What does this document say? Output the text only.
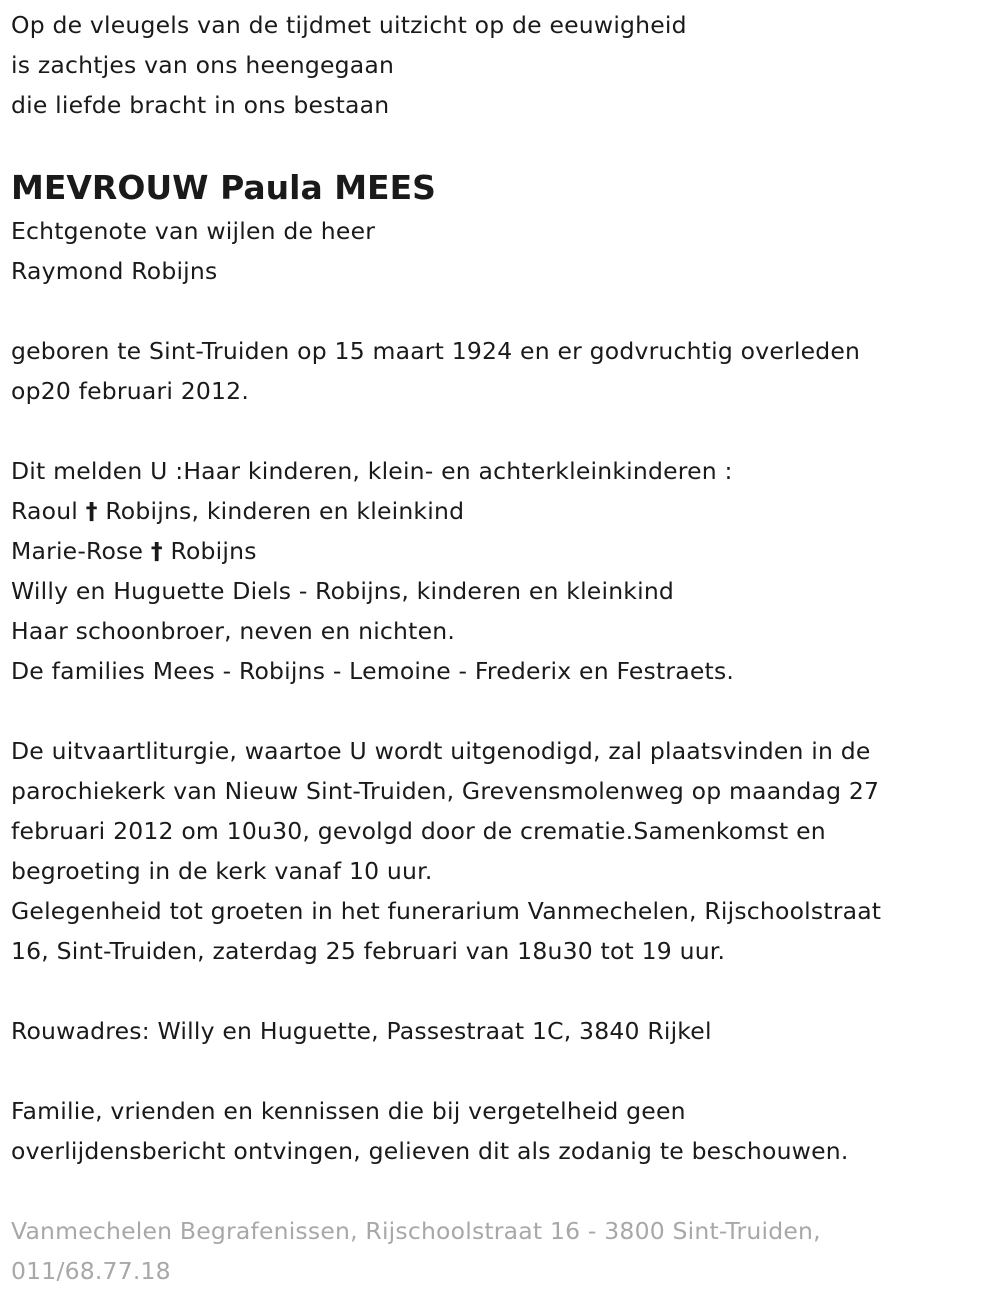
Op de vleugels van de tijdmet uitzicht op de eeuwigheid
is zachtjes van ons heengegaan
die liefde bracht in ons bestaan
MEVROUW Paula MEES
Echtgenote van wijlen de heer
Raymond Robijns
geboren te Sint-Truiden op 15 maart 1924 en er godvruchtig overleden
op20 februari 2012.
Dit melden U :Haar kinderen, klein- en achterkleinkinderen :
Raoul † Robijns, kinderen en kleinkind
Marie-Rose † Robijns
Willy en Huguette Diels - Robijns, kinderen en kleinkind
Haar schoonbroer, neven en nichten.
De families Mees - Robijns - Lemoine - Frederix en Festraets.
De uitvaartliturgie, waartoe U wordt uitgenodigd, zal plaatsvinden in de
parochiekerk van Nieuw Sint-Truiden, Grevensmolenweg op maandag 27
februari 2012 om 10u30, gevolgd door de crematie.Samenkomst en
begroeting in de kerk vanaf 10 uur.
Gelegenheid tot groeten in het funerarium Vanmechelen, Rijschoolstraat
16, Sint-Truiden, zaterdag 25 februari van 18u30 tot 19 uur.
Rouwadres: Willy en Huguette, Passestraat 1C, 3840 Rijkel
Familie, vrienden en kennissen die bij vergetelheid geen
overlijdensbericht ontvingen, gelieven dit als zodanig te beschouwen.
Vanmechelen Begrafenissen, Rijschoolstraat 16 - 3800 Sint-Truiden,
011/68.77.18
